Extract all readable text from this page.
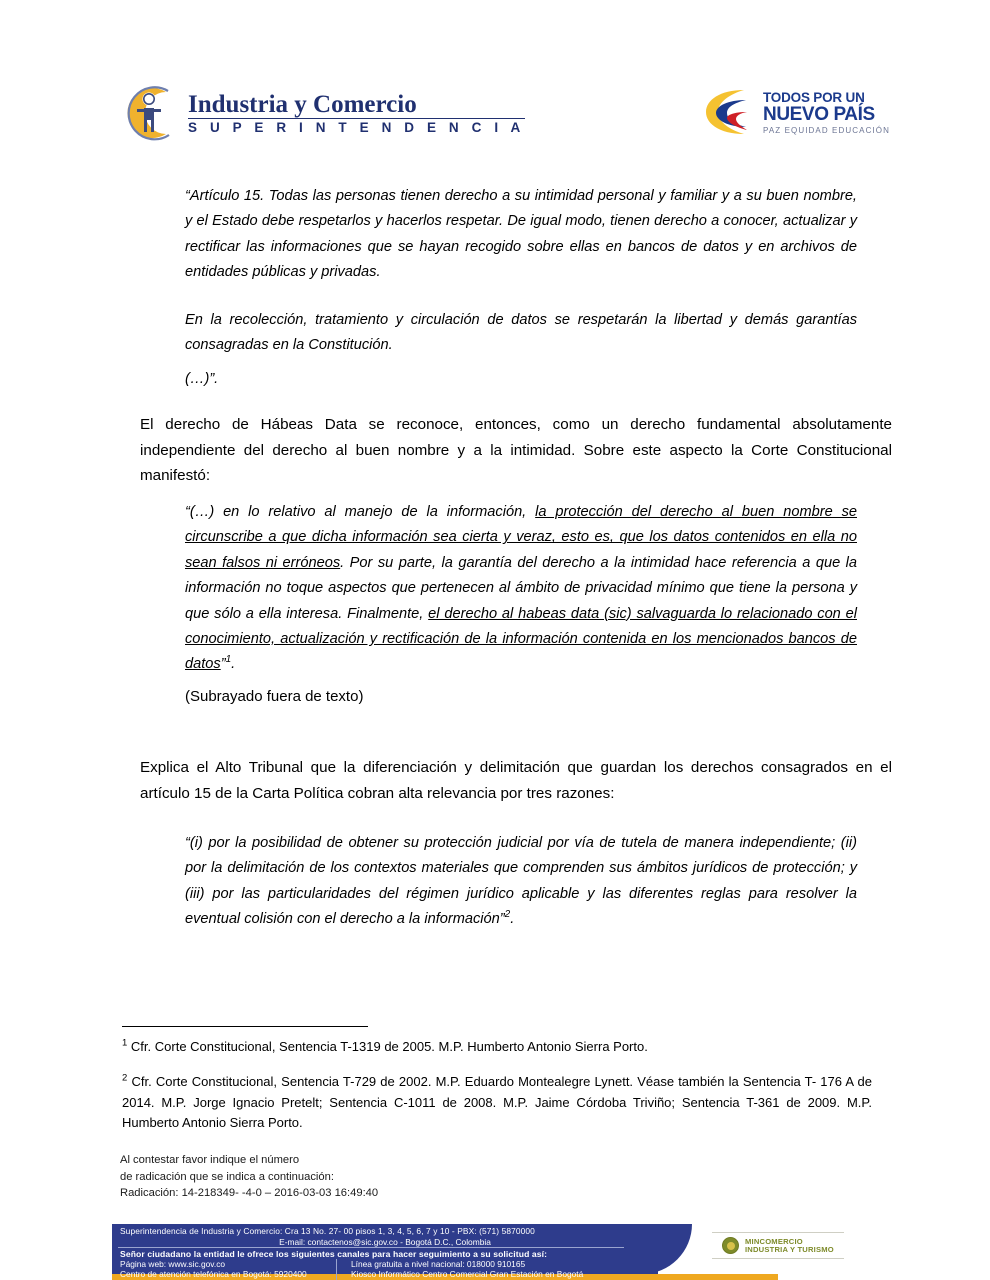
Industria y Comercio
S U P E R I N T E N D E N C I A
TODOS POR UN
NUEVO PAÍS
PAZ EQUIDAD EDUCACIÓN
“Artículo 15. Todas las personas tienen derecho a su intimidad personal y familiar y a su buen nombre, y el Estado debe respetarlos y hacerlos respetar. De igual modo, tienen derecho a conocer, actualizar y rectificar las informaciones que se hayan recogido sobre ellas en bancos de datos y en archivos de entidades públicas y privadas.
En la recolección, tratamiento y circulación de datos se respetarán la libertad y demás garantías consagradas en la Constitución.
(…)”.
El derecho de Hábeas Data se reconoce, entonces, como un derecho fundamental absolutamente independiente del derecho al buen nombre y a la intimidad. Sobre este aspecto la Corte Constitucional manifestó:
“(…) en lo relativo al manejo de la información, la protección del derecho al buen nombre se circunscribe a que dicha información sea cierta y veraz, esto es, que los datos contenidos en ella no sean falsos ni erróneos. Por su parte, la garantía del derecho a la intimidad hace referencia a que la información no toque aspectos que pertenecen al ámbito de privacidad mínimo que tiene la persona y que sólo a ella interesa. Finalmente, el derecho al habeas data (sic) salvaguarda lo relacionado con el conocimiento, actualización y rectificación de la información contenida en los mencionados bancos de datos”$^1$.
(Subrayado fuera de texto)
Explica el Alto Tribunal que la diferenciación y delimitación que guardan los derechos consagrados en el artículo 15 de la Carta Política cobran alta relevancia por tres razones:
“(i) por la posibilidad de obtener su protección judicial por vía de tutela de manera independiente; (ii) por la delimitación de los contextos materiales que comprenden sus ámbitos jurídicos de protección; y (iii) por las particularidades del régimen jurídico aplicable y las diferentes reglas para resolver la eventual colisión con el derecho a la información”$^2$.
$^1$ Cfr. Corte Constitucional, Sentencia T-1319 de 2005. M.P. Humberto Antonio Sierra Porto.
$^2$ Cfr. Corte Constitucional, Sentencia T-729 de 2002. M.P. Eduardo Montealegre Lynett. Véase también la Sentencia T- 176 A de 2014. M.P. Jorge Ignacio Pretelt; Sentencia C-1011 de 2008. M.P. Jaime Córdoba Triviño; Sentencia T-361 de 2009. M.P. Humberto Antonio Sierra Porto.
Al contestar favor indique el número
de radicación que se indica a continuación:
Radicación: 14-218349- -4-0 – 2016-03-03 16:49:40
Superintendencia de Industria y Comercio: Cra 13 No. 27- 00 pisos 1, 3, 4, 5, 6, 7 y 10 - PBX: (571) 5870000
E-mail: contactenos@sic.gov.co - Bogotá D.C., Colombia
Señor ciudadano la entidad le ofrece los siguientes canales para hacer seguimiento a su solicitud así:
Página web: www.sic.gov.co
Centro de atención telefónica en Bogotá: 5920400
Línea gratuita a nivel nacional: 018000 910165
Kiosco Informático Centro Comercial Gran Estación en Bogotá
MINCOMERCIO
INDUSTRIA Y TURISMO
